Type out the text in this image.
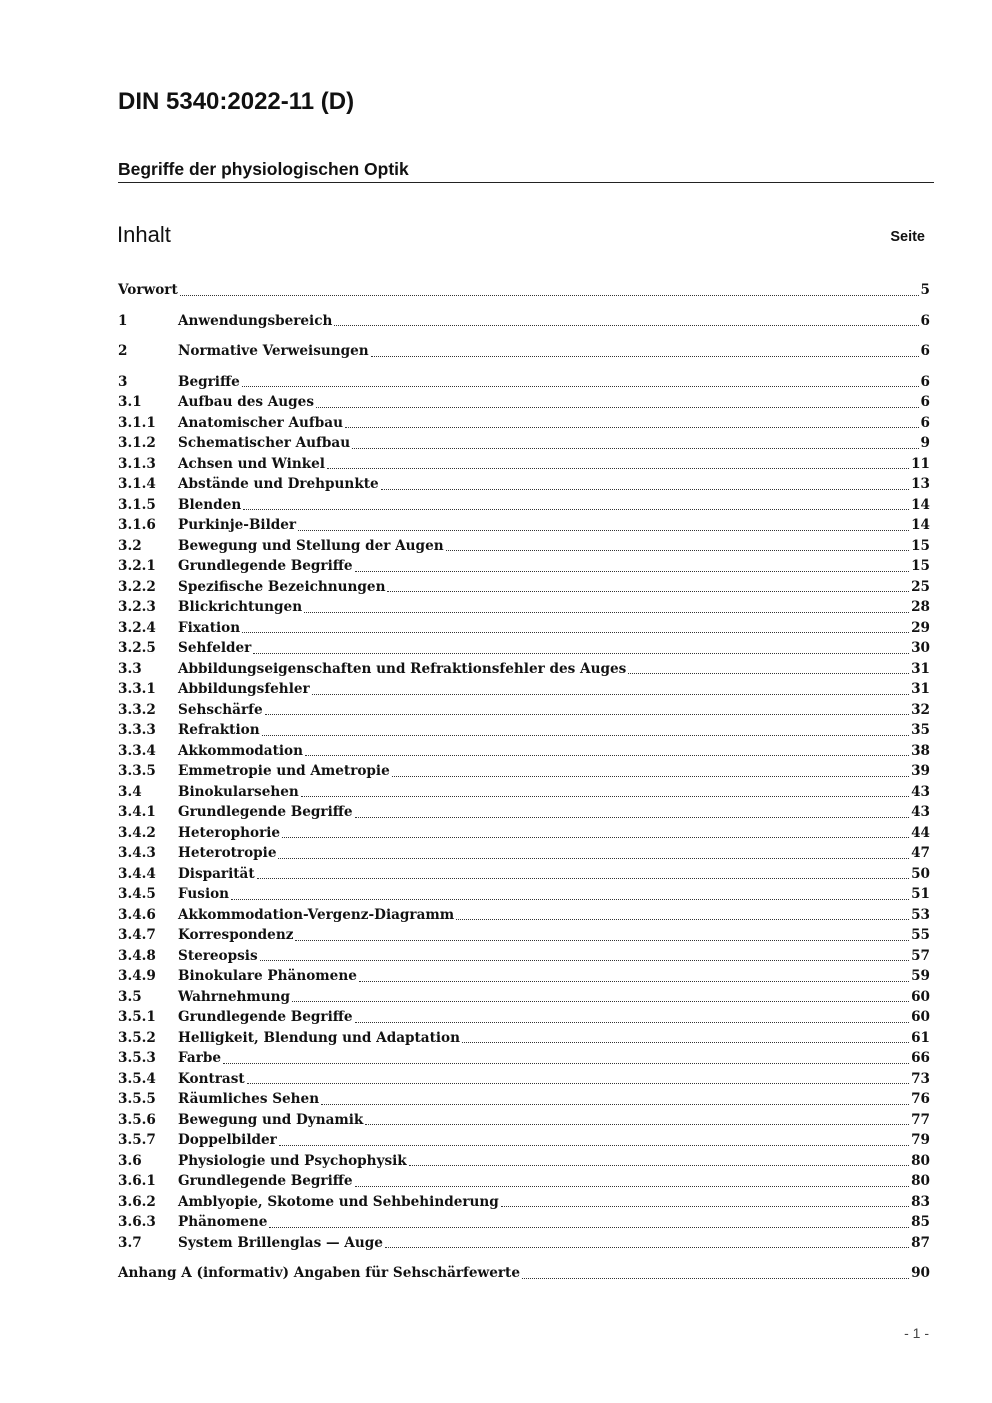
DIN 5340:2022-11 (D)
Begriffe der physiologischen Optik
Inhalt	Seite
Vorwort	5
1	Anwendungsbereich	6
2	Normative Verweisungen	6
3	Begriffe	6
3.1	Aufbau des Auges	6
3.1.1	Anatomischer Aufbau	6
3.1.2	Schematischer Aufbau	9
3.1.3	Achsen und Winkel	11
3.1.4	Abstände und Drehpunkte	13
3.1.5	Blenden	14
3.1.6	Purkinje-Bilder	14
3.2	Bewegung und Stellung der Augen	15
3.2.1	Grundlegende Begriffe	15
3.2.2	Spezifische Bezeichnungen	25
3.2.3	Blickrichtungen	28
3.2.4	Fixation	29
3.2.5	Sehfelder	30
3.3	Abbildungseigenschaften und Refraktionsfehler des Auges	31
3.3.1	Abbildungsfehler	31
3.3.2	Sehschärfe	32
3.3.3	Refraktion	35
3.3.4	Akkommodation	38
3.3.5	Emmetropie und Ametropie	39
3.4	Binokularsehen	43
3.4.1	Grundlegende Begriffe	43
3.4.2	Heterophorie	44
3.4.3	Heterotropie	47
3.4.4	Disparität	50
3.4.5	Fusion	51
3.4.6	Akkommodation-Vergenz-Diagramm	53
3.4.7	Korrespondenz	55
3.4.8	Stereopsis	57
3.4.9	Binokulare Phänomene	59
3.5	Wahrnehmung	60
3.5.1	Grundlegende Begriffe	60
3.5.2	Helligkeit, Blendung und Adaptation	61
3.5.3	Farbe	66
3.5.4	Kontrast	73
3.5.5	Räumliches Sehen	76
3.5.6	Bewegung und Dynamik	77
3.5.7	Doppelbilder	79
3.6	Physiologie und Psychophysik	80
3.6.1	Grundlegende Begriffe	80
3.6.2	Amblyopie, Skotome und Sehbehinderung	83
3.6.3	Phänomene	85
3.7	System Brillenglas — Auge	87
Anhang A (informativ) Angaben für Sehschärfewerte	90
- 1 -
